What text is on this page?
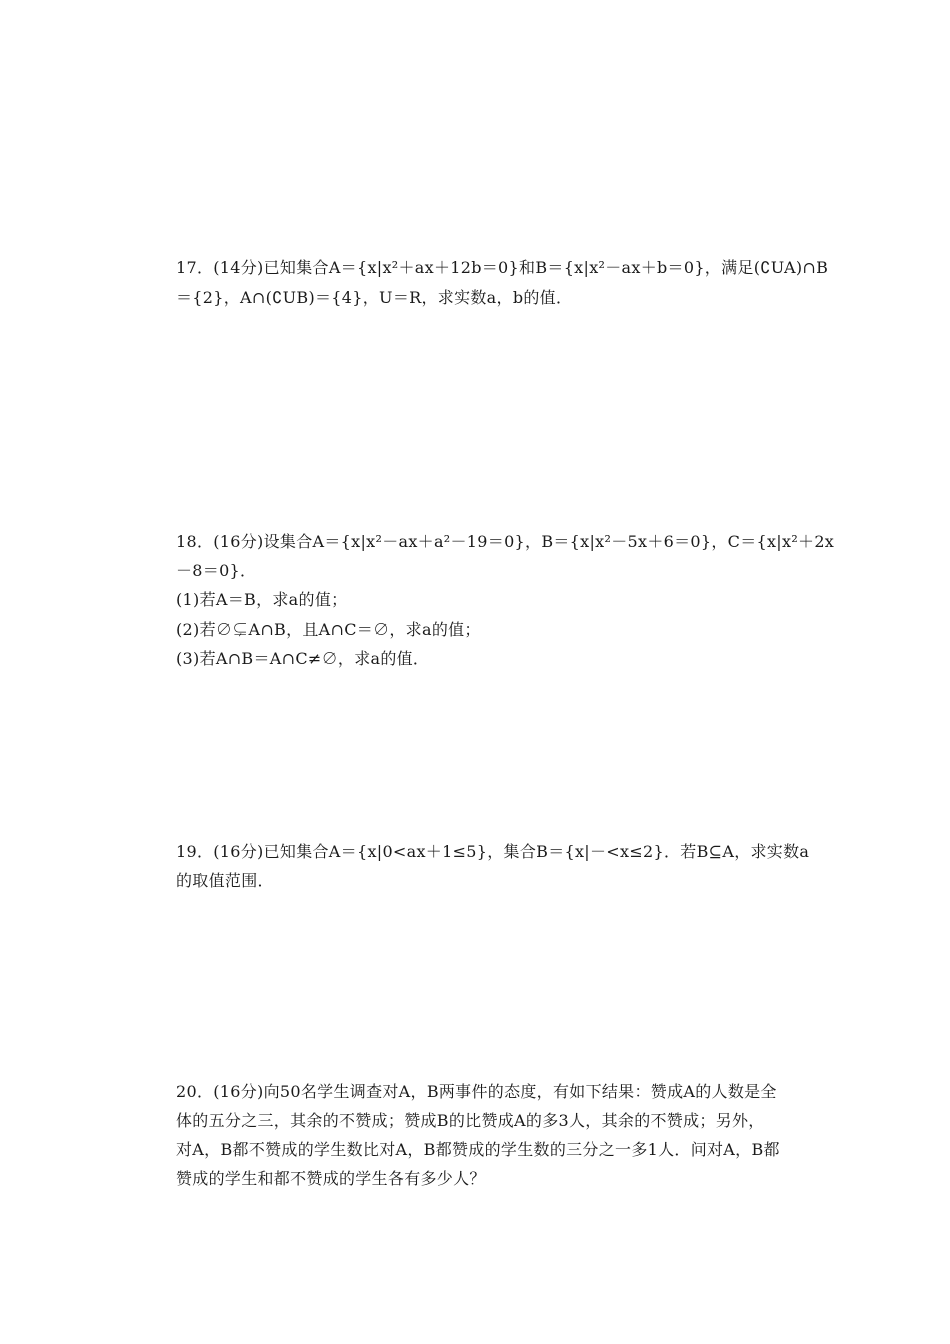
17．(14分)已知集合A＝{x|x²＋ax＋12b＝0}和B＝{x|x²－ax＋b＝0}，满足(∁UA)∩B
＝{2}，A∩(∁UB)＝{4}，U＝R，求实数a，b的值．
18．(16分)设集合A＝{x|x²－ax＋a²－19＝0}，B＝{x|x²－5x＋6＝0}，C＝{x|x²＋2x
－8＝0}．
(1)若A＝B，求a的值；
(2)若∅⊊A∩B，且A∩C＝∅，求a的值；
(3)若A∩B＝A∩C≠∅，求a的值．
19．(16分)已知集合A＝{x|0<ax＋1≤5}，集合B＝{x|－<x≤2}．若B⊆A，求实数a
的取值范围．
20．(16分)向50名学生调查对A，B两事件的态度，有如下结果：赞成A的人数是全
体的五分之三，其余的不赞成；赞成B的比赞成A的多3人，其余的不赞成；另外，
对A，B都不赞成的学生数比对A，B都赞成的学生数的三分之一多1人．问对A，B都
赞成的学生和都不赞成的学生各有多少人？
